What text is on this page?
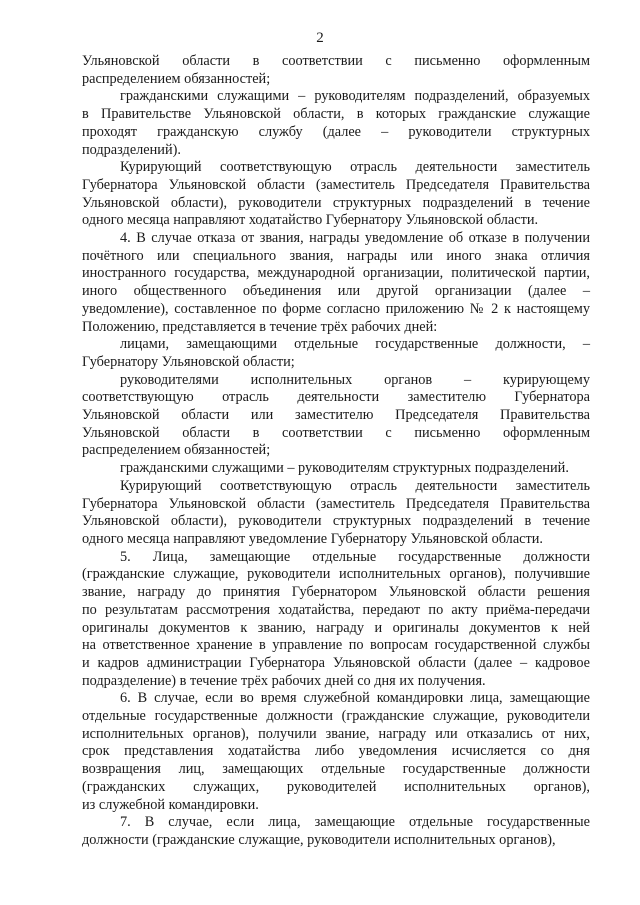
2
Ульяновской области в соответствии с письменно оформленным
распределением обязанностей;
гражданскими служащими – руководителям подразделений, образуемых
в Правительстве Ульяновской области, в которых гражданские служащие
проходят гражданскую службу (далее – руководители структурных
подразделений).
Курирующий соответствующую отрасль деятельности заместитель
Губернатора Ульяновской области (заместитель Председателя Правительства
Ульяновской области), руководители структурных подразделений в течение
одного месяца направляют ходатайство Губернатору Ульяновской области.
4. В случае отказа от звания, награды уведомление об отказе в получении
почётного или специального звания, награды или иного знака отличия
иностранного государства, международной организации, политической партии,
иного общественного объединения или другой организации (далее –
уведомление), составленное по форме согласно приложению № 2 к настоящему
Положению, представляется в течение трёх рабочих дней:
лицами, замещающими отдельные государственные должности, –
Губернатору Ульяновской области;
руководителями исполнительных органов – курирующему
соответствующую отрасль деятельности заместителю Губернатора
Ульяновской области или заместителю Председателя Правительства
Ульяновской области в соответствии с письменно оформленным
распределением обязанностей;
гражданскими служащими – руководителям структурных подразделений.
Курирующий соответствующую отрасль деятельности заместитель
Губернатора Ульяновской области (заместитель Председателя Правительства
Ульяновской области), руководители структурных подразделений в течение
одного месяца направляют уведомление Губернатору Ульяновской области.
5. Лица, замещающие отдельные государственные должности
(гражданские служащие, руководители исполнительных органов), получившие
звание, награду до принятия Губернатором Ульяновской области решения
по результатам рассмотрения ходатайства, передают по акту приёма-передачи
оригиналы документов к званию, награду и оригиналы документов к ней
на ответственное хранение в управление по вопросам государственной службы
и кадров администрации Губернатора Ульяновской области (далее – кадровое
подразделение) в течение трёх рабочих дней со дня их получения.
6. В случае, если во время служебной командировки лица, замещающие
отдельные государственные должности (гражданские служащие, руководители
исполнительных органов), получили звание, награду или отказались от них,
срок представления ходатайства либо уведомления исчисляется со дня
возвращения лиц, замещающих отдельные государственные должности
(гражданских служащих, руководителей исполнительных органов),
из служебной командировки.
7. В случае, если лица, замещающие отдельные государственные
должности (гражданские служащие, руководители исполнительных органов),
